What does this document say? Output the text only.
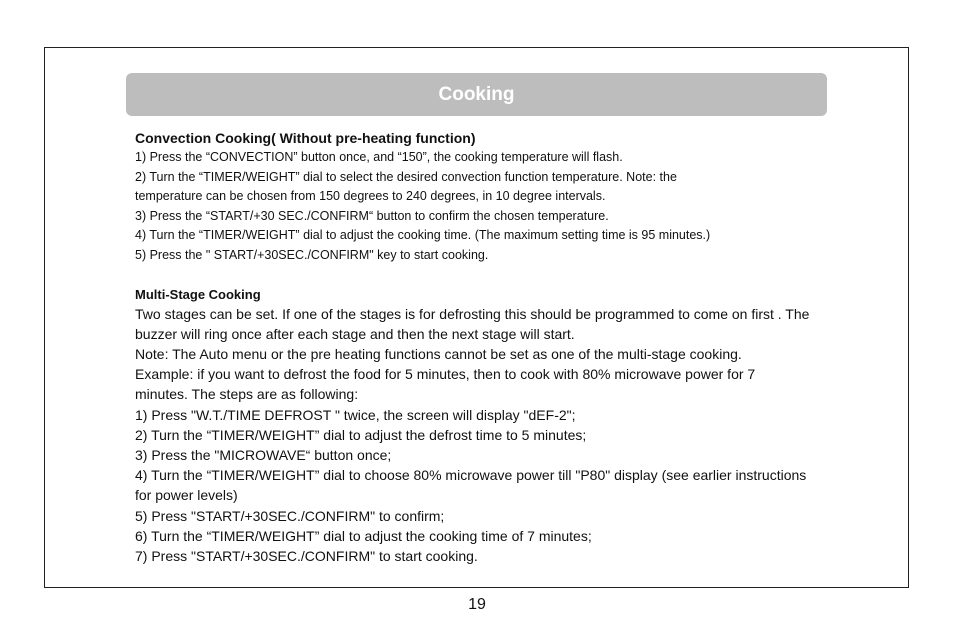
Cooking

Convection Cooking( Without pre-heating function)

1) Press the “CONVECTION” button once, and “150”, the cooking temperature will flash.

2) Turn the “TIMER/WEIGHT” dial to select the desired convection function temperature. Note: the

temperature can be chosen from 150 degrees to 240 degrees, in 10 degree intervals.

3) Press the “START/+30 SEC./CONFIRM“ button to confirm the chosen temperature.

4) Turn the “TIMER/WEIGHT” dial to adjust the cooking time. (The maximum setting time is 95 minutes.)

5) Press the " START/+30SEC./CONFIRM" key to start cooking.

Multi-Stage Cooking

Two stages can be set. If one of the stages is for defrosting this should be programmed to come on first . The

buzzer will ring once after each stage and then the next stage will start.

Note: The Auto menu or the pre heating functions cannot be set as one of the multi-stage cooking.

Example: if you want to defrost the food for 5 minutes, then to cook with 80% microwave power for 7

minutes. The steps are as following:

1) Press "W.T./TIME DEFROST " twice, the screen will display "dEF-2";

2) Turn the “TIMER/WEIGHT” dial to adjust the defrost time to 5 minutes;

3) Press the "MICROWAVE“ button once;

4) Turn the “TIMER/WEIGHT” dial to choose 80% microwave power till "P80" display (see earlier instructions

for power levels)

5) Press "START/+30SEC./CONFIRM" to confirm;

6) Turn the “TIMER/WEIGHT” dial to adjust the cooking time of 7 minutes;

7) Press "START/+30SEC./CONFIRM" to start cooking.

19
